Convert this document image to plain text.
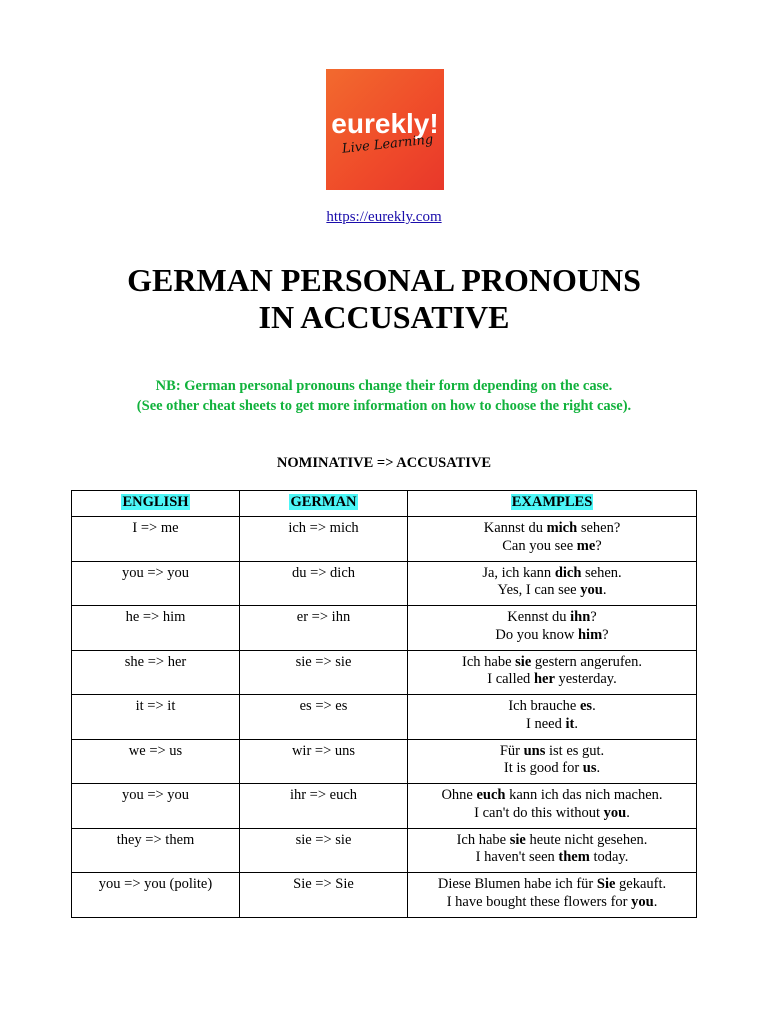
eurekly!
Live Learning
https://eurekly.com
GERMAN PERSONAL PRONOUNS
IN ACCUSATIVE
NB: German personal pronouns change their form depending on the case.
(See other cheat sheets to get more information on how to choose the right case).
NOMINATIVE => ACCUSATIVE
ENGLISH	GERMAN	EXAMPLES
I => me	ich => mich	Kannst du mich sehen?
Can you see me?

you => you	du => dich	Ja, ich kann dich sehen.
Yes, I can see you.

he => him	er => ihn	Kennst du ihn?
Do you know him?

she => her	sie => sie	Ich habe sie gestern angerufen.
I called her yesterday.

it => it	es => es	Ich brauche es.
I need it.

we => us	wir => uns	Für uns ist es gut.
It is good for us.

you => you	ihr => euch	Ohne euch kann ich das nich machen.
I can't do this without you.

they => them	sie => sie	Ich habe sie heute nicht gesehen.
I haven't seen them today.

you => you (polite)	Sie => Sie	Diese Blumen habe ich für Sie gekauft.
I have bought these flowers for you.
